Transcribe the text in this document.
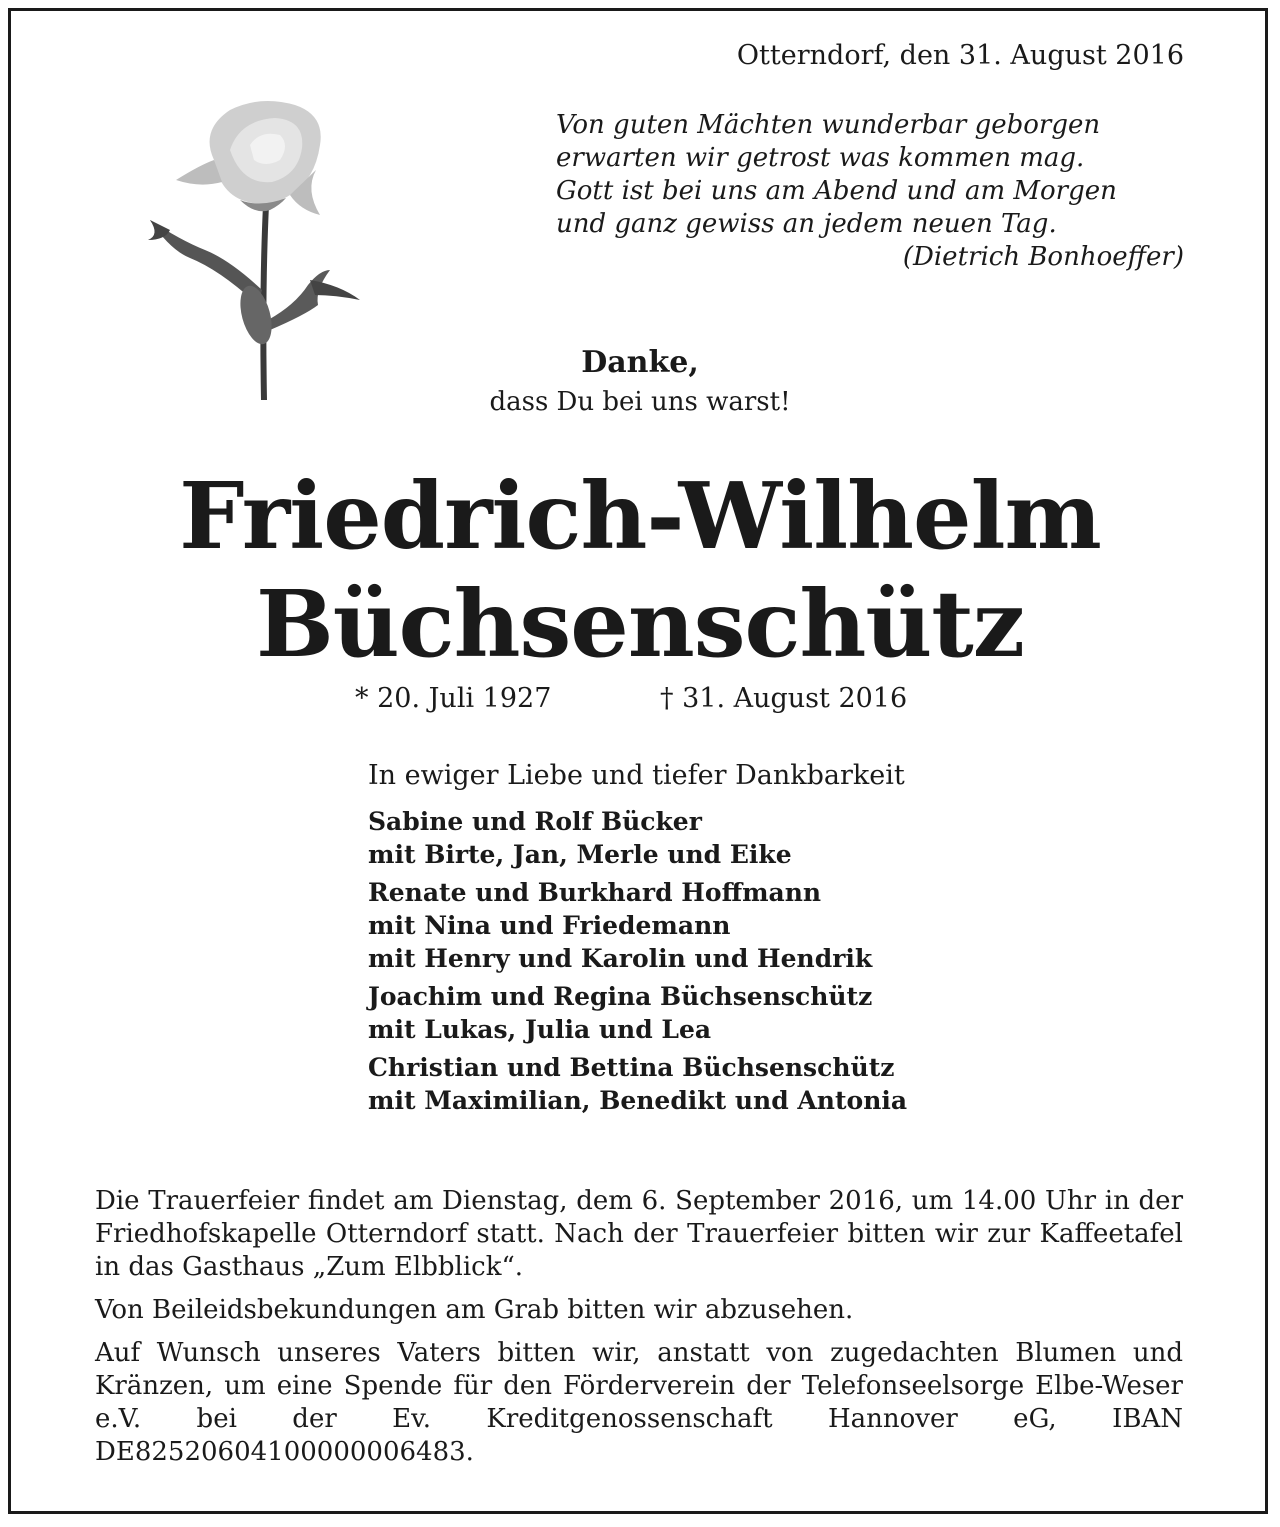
Otterndorf, den 31. August 2016
Von guten Mächten wunderbar geborgen
erwarten wir getrost was kommen mag.
Gott ist bei uns am Abend und am Morgen
und ganz gewiss an jedem neuen Tag.
(Dietrich Bonhoeffer)
Danke,
dass Du bei uns warst!
Friedrich-Wilhelm
Büchsenschütz
* 20. Juli 1927	† 31. August 2016
In ewiger Liebe und tiefer Dankbarkeit
Sabine und Rolf Bücker
mit Birte, Jan, Merle und Eike
Renate und Burkhard Hoffmann
mit Nina und Friedemann
mit Henry und Karolin und Hendrik
Joachim und Regina Büchsenschütz
mit Lukas, Julia und Lea
Christian und Bettina Büchsenschütz
mit Maximilian, Benedikt und Antonia

Die Trauerfeier findet am Dienstag, dem 6. September 2016, um 14.00 Uhr in der Friedhofskapelle Otterndorf statt. Nach der Trauerfeier bitten wir zur Kaffeetafel in das Gasthaus „Zum Elbblick“.

Von Beileidsbekundungen am Grab bitten wir abzusehen.

Auf Wunsch unseres Vaters bitten wir, anstatt von zugedachten Blumen und Kränzen, um eine Spende für den Förderverein der Telefonseelsorge Elbe-Weser e.V. bei der Ev. Kreditgenossenschaft Hannover eG, IBAN DE82520604100000006483.
